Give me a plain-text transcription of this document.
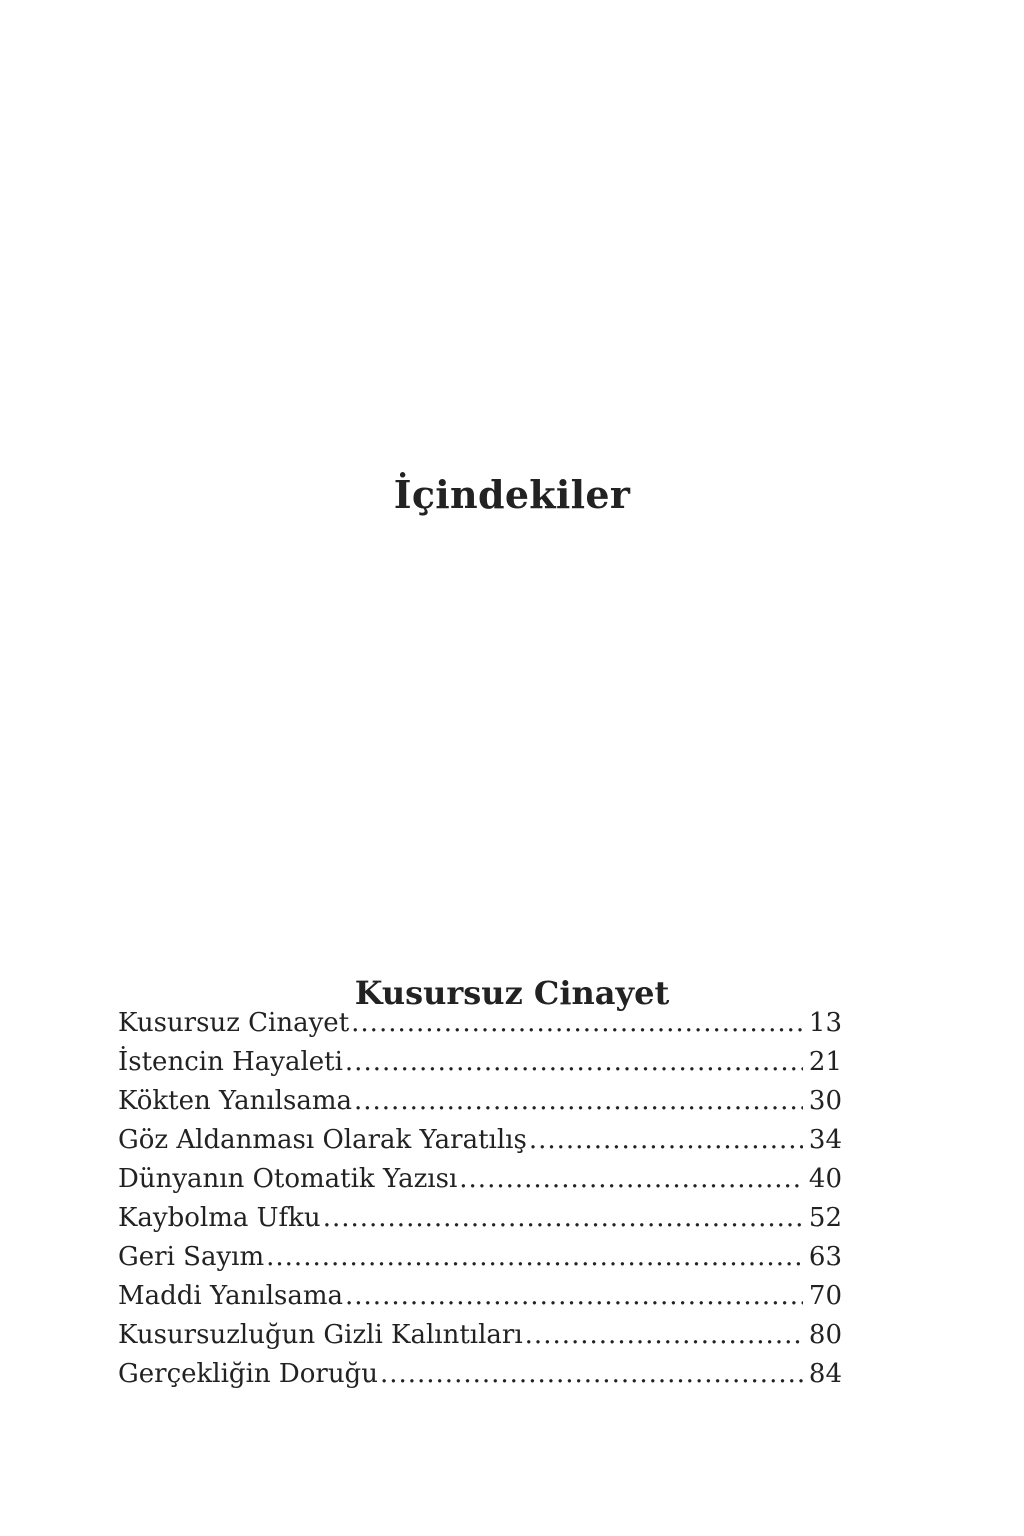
İçindekiler
Kusursuz Cinayet
Kusursuz Cinayet .....	13
İstencin Hayaleti .....	21
Kökten Yanılsama .....	30
Göz Aldanması Olarak Yaratılış .....	34
Dünyanın Otomatik Yazısı .....	40
Kaybolma Ufku .....	52
Geri Sayım .....	63
Maddi Yanılsama .....	70
Kusursuzluğun Gizli Kalıntıları .....	80
Gerçekliğin Doruğu .....	84
